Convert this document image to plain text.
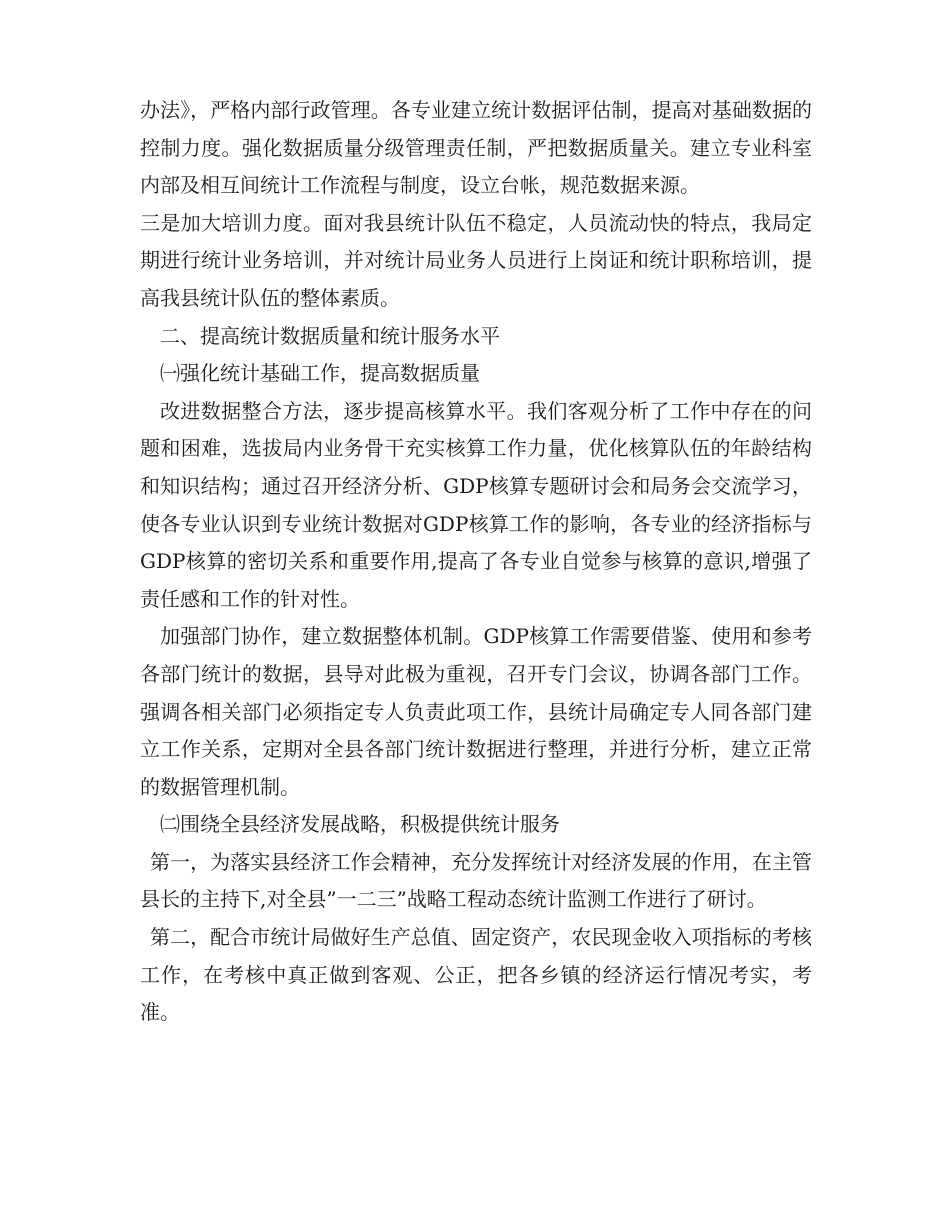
办法》，严格内部行政管理。各专业建立统计数据评估制，提高对基础数据的控制力度。强化数据质量分级管理责任制，严把数据质量关。建立专业科室内部及相互间统计工作流程与制度，设立台帐，规范数据来源。

三是加大培训力度。面对我县统计队伍不稳定，人员流动快的特点，我局定期进行统计业务培训，并对统计局业务人员进行上岗证和统计职称培训，提高我县统计队伍的整体素质。

二、提高统计数据质量和统计服务水平

㈠强化统计基础工作，提高数据质量

改进数据整合方法，逐步提高核算水平。我们客观分析了工作中存在的问题和困难，选拔局内业务骨干充实核算工作力量，优化核算队伍的年龄结构和知识结构；通过召开经济分析、GDP核算专题研讨会和局务会交流学习，使各专业认识到专业统计数据对GDP核算工作的影响，各专业的经济指标与GDP核算的密切关系和重要作用,提高了各专业自觉参与核算的意识,增强了责任感和工作的针对性。

加强部门协作，建立数据整体机制。GDP核算工作需要借鉴、使用和参考各部门统计的数据，县导对此极为重视，召开专门会议，协调各部门工作。强调各相关部门必须指定专人负责此项工作，县统计局确定专人同各部门建立工作关系，定期对全县各部门统计数据进行整理，并进行分析，建立正常的数据管理机制。

㈡围绕全县经济发展战略，积极提供统计服务

第一，为落实县经济工作会精神，充分发挥统计对经济发展的作用，在主管县长的主持下,对全县”一二三”战略工程动态统计监测工作进行了研讨。

第二，配合市统计局做好生产总值、固定资产，农民现金收入项指标的考核工作，在考核中真正做到客观、公正，把各乡镇的经济运行情况考实，考准。
